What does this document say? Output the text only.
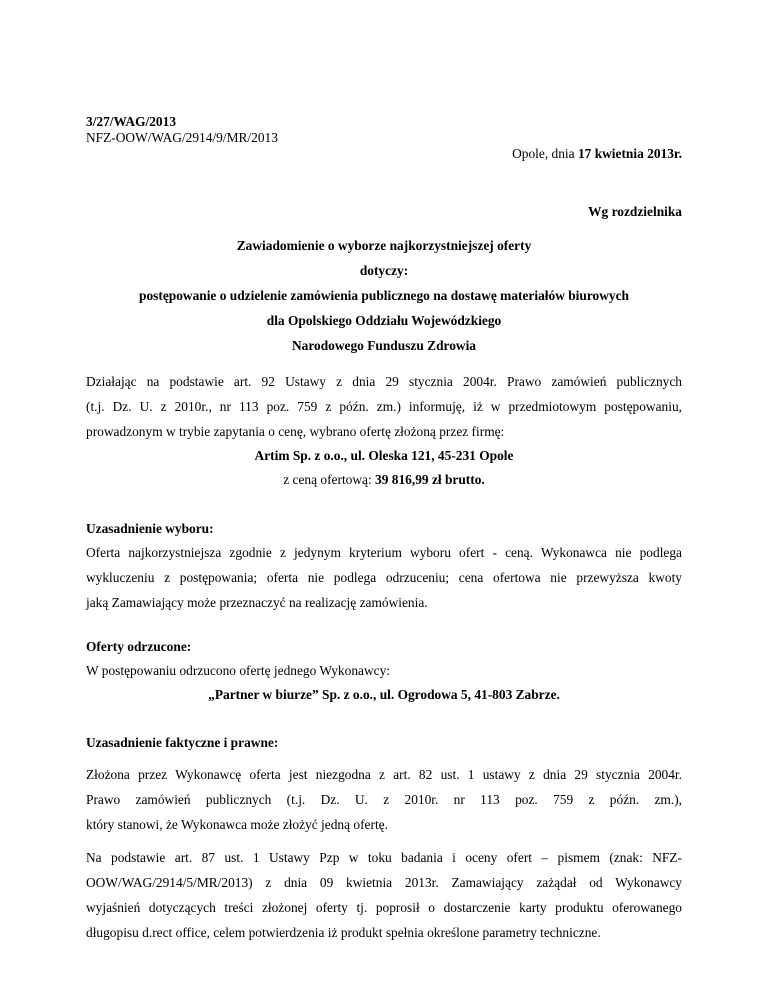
3/27/WAG/2013
NFZ-OOW/WAG/2914/9/MR/2013
Opole, dnia 17 kwietnia 2013r.
Wg rozdzielnika
Zawiadomienie o wyborze najkorzystniejszej oferty
dotyczy:
postępowanie o udzielenie zamówienia publicznego na dostawę materiałów biurowych
dla Opolskiego Oddziału Wojewódzkiego
Narodowego Funduszu Zdrowia
Działając na podstawie art. 92 Ustawy z dnia 29 stycznia 2004r. Prawo zamówień publicznych
(t.j. Dz. U. z 2010r., nr 113 poz. 759 z późn. zm.) informuję, iż w przedmiotowym postępowaniu,
prowadzonym w trybie zapytania o cenę, wybrano ofertę złożoną przez firmę:
Artim Sp. z o.o., ul. Oleska 121, 45-231 Opole
z ceną ofertową: 39 816,99 zł brutto.
Uzasadnienie wyboru:
Oferta najkorzystniejsza zgodnie z jedynym kryterium wyboru ofert - ceną. Wykonawca nie podlega
wykluczeniu z postępowania; oferta nie podlega odrzuceniu; cena ofertowa nie przewyższa kwoty
jaką Zamawiający może przeznaczyć na realizację zamówienia.
Oferty odrzucone:
W postępowaniu odrzucono ofertę jednego Wykonawcy:
„Partner w biurze” Sp. z o.o., ul. Ogrodowa 5, 41-803 Zabrze.
Uzasadnienie faktyczne i prawne:
Złożona przez Wykonawcę oferta jest niezgodna z art. 82 ust. 1 ustawy z dnia 29 stycznia 2004r.
Prawo zamówień publicznych (t.j. Dz. U. z 2010r. nr 113 poz. 759 z późn. zm.),
który stanowi, że Wykonawca może złożyć jedną ofertę.
Na podstawie art. 87 ust. 1 Ustawy Pzp w toku badania i oceny ofert – pismem (znak: NFZ-
OOW/WAG/2914/5/MR/2013) z dnia 09 kwietnia 2013r. Zamawiający zażądał od Wykonawcy
wyjaśnień dotyczących treści złożonej oferty tj. poprosił o dostarczenie karty produktu oferowanego
długopisu d.rect office, celem potwierdzenia iż produkt spełnia określone parametry techniczne.
